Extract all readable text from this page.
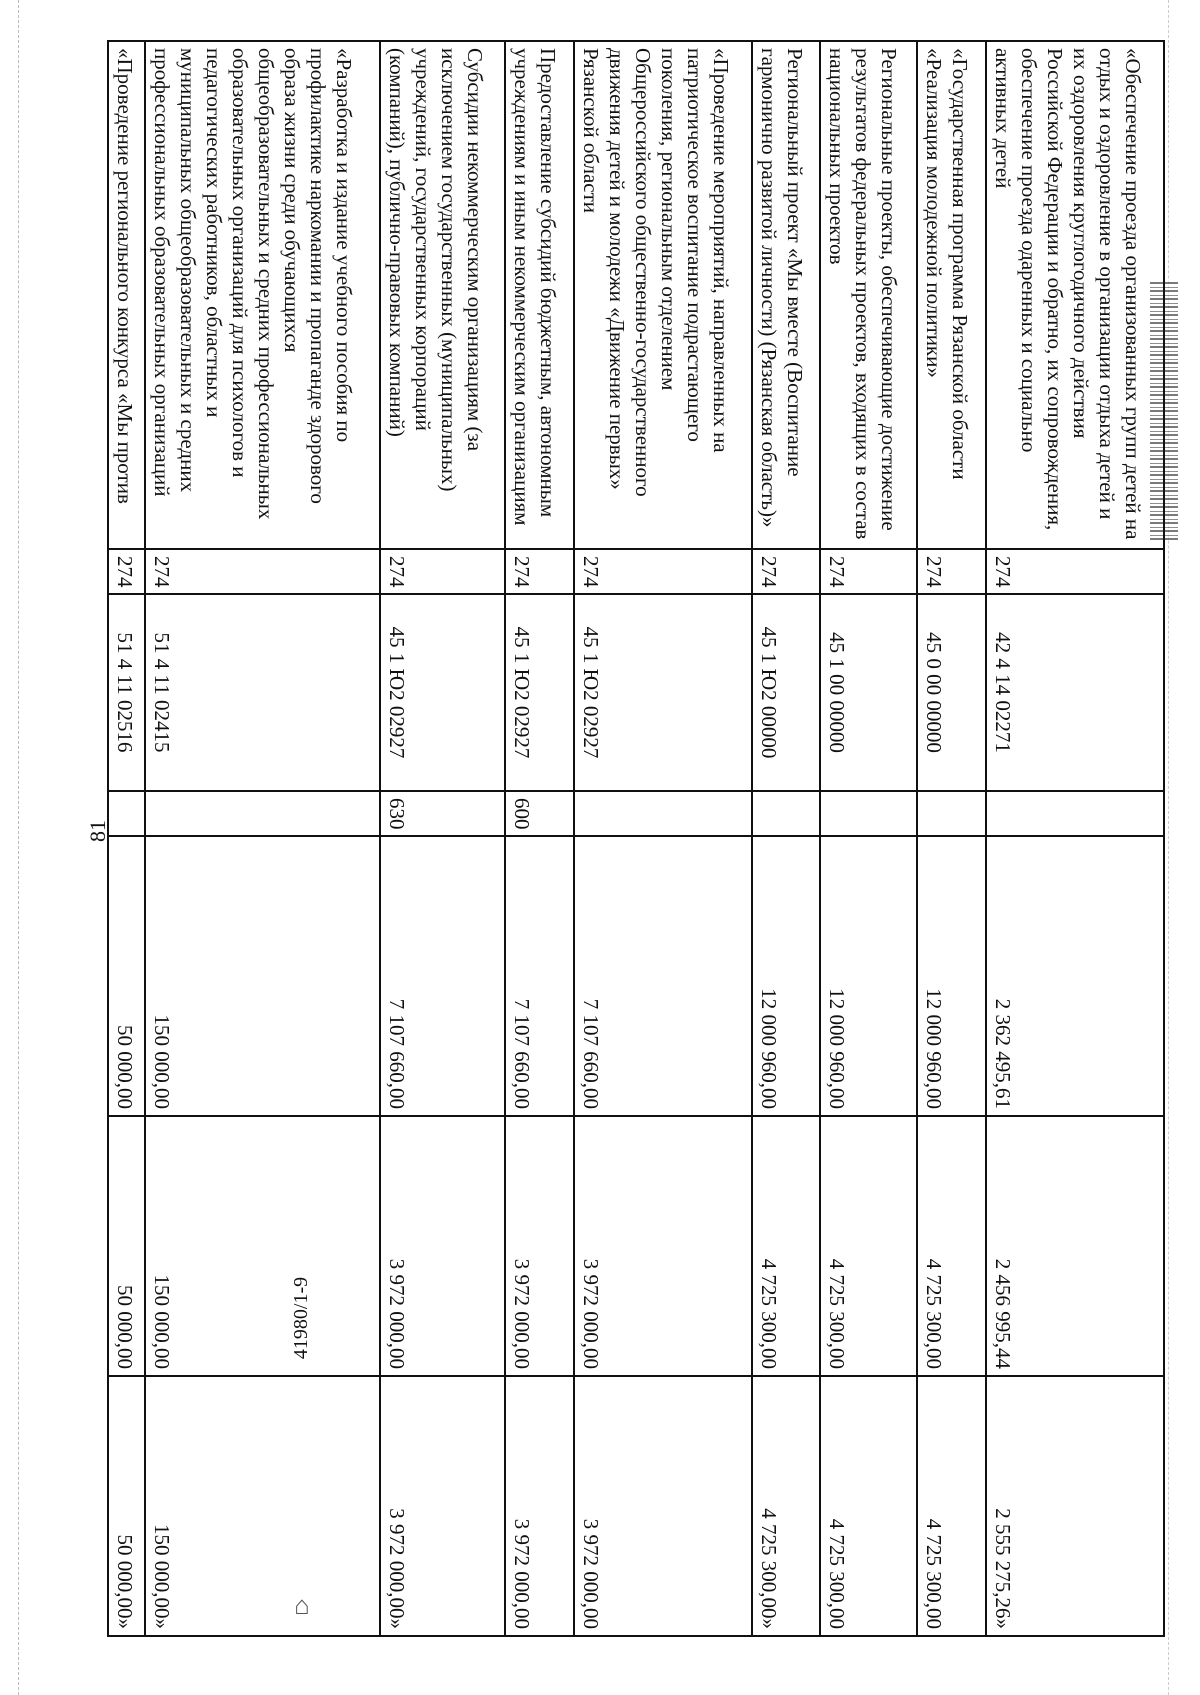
81
41980/1-9
⌂
«Обеспечение проезда организованных групп детей на отдых и оздоровление в организации отдыха детей и их оздоровления круглогодичного действия Российской Федерации и обратно, их сопровождения, обеспечение проезда одаренных и социально активных детей	274	42 4 14 02271		2 362 495,61	2 456 995,44	2 555 275,26»
«Государственная программа Рязанской области «Реализация молодежной политики»	274	45 0 00 00000		12 000 960,00	4 725 300,00	4 725 300,00
Региональные проекты, обеспечивающие достижение результатов федеральных проектов, входящих в состав национальных проектов	274	45 1 00 00000		12 000 960,00	4 725 300,00	4 725 300,00
Региональный проект «Мы вместе (Воспитание гармонично развитой личности) (Рязанская область)»	274	45 1 Ю2 00000		12 000 960,00	4 725 300,00	4 725 300,00»
«Проведение мероприятий, направленных на патриотическое воспитание подрастающего поколения, региональным отделением Общероссийского общественно-государственного движения детей и молодежи «Движение первых» Рязанской области	274	45 1 Ю2 02927		7 107 660,00	3 972 000,00	3 972 000,00
Предоставление субсидий бюджетным, автономным учреждениям и иным некоммерческим организациям	274	45 1 Ю2 02927	600	7 107 660,00	3 972 000,00	3 972 000,00
Субсидии некоммерческим организациям (за исключением государственных (муниципальных) учреждений, государственных корпораций (компаний), публично-правовых компаний)	274	45 1 Ю2 02927	630	7 107 660,00	3 972 000,00	3 972 000,00»
«Разработка и издание учебного пособия по профилактике наркомании и пропаганде здорового образа жизни среди обучающихся общеобразовательных и средних профессиональных образовательных организаций для психологов и педагогических работников, областных и муниципальных общеобразовательных и средних профессиональных образовательных организаций	274	51 4 11 02415		150 000,00	150 000,00	150 000,00»
«Проведение регионального конкурса «Мы против	274	51 4 11 02516		50 000,00	50 000,00	50 000,00»
